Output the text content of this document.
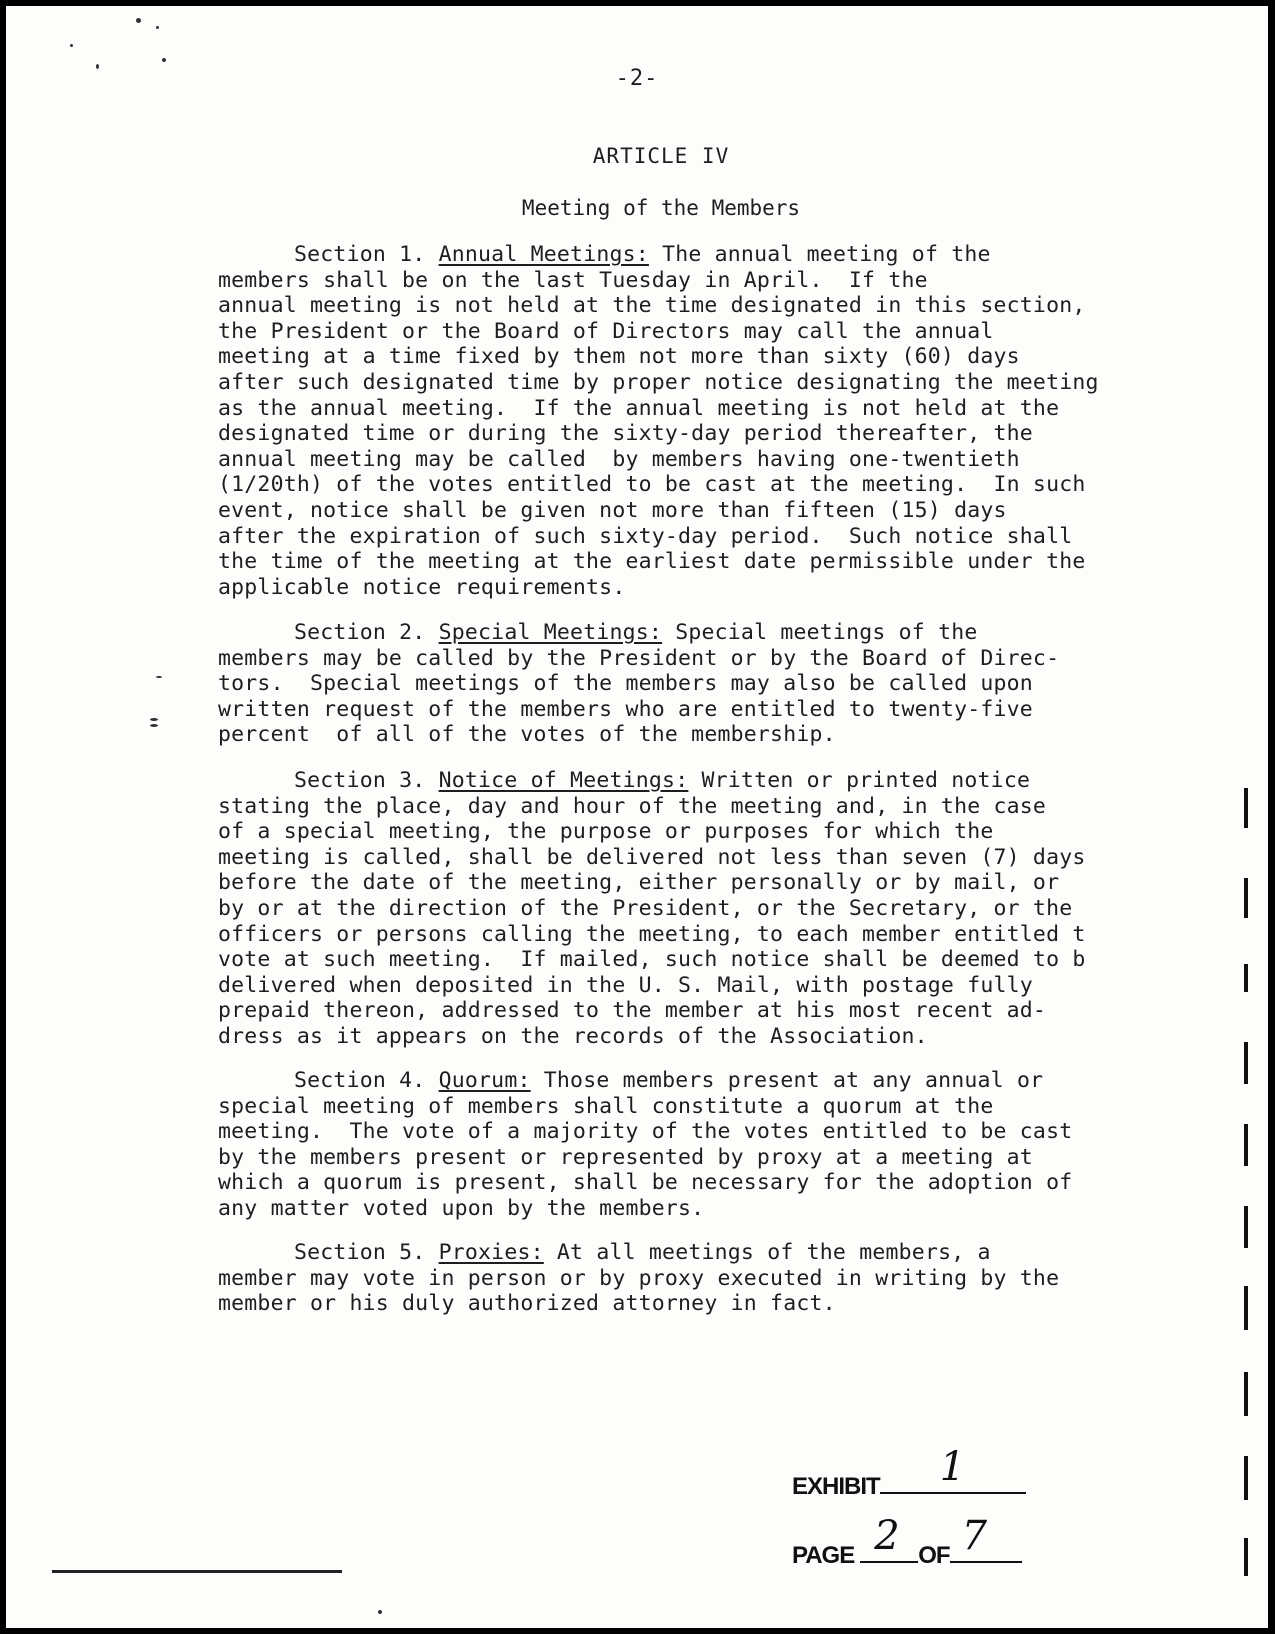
-2-
ARTICLE IV
Meeting of the Members
Section 1. Annual Meetings: The annual meeting of the
members shall be on the last Tuesday in April.  If the
annual meeting is not held at the time designated in this section,
the President or the Board of Directors may call the annual
meeting at a time fixed by them not more than sixty (60) days
after such designated time by proper notice designating the meeting
as the annual meeting.  If the annual meeting is not held at the
designated time or during the sixty-day period thereafter, the
annual meeting may be called  by members having one-twentieth
(1/20th) of the votes entitled to be cast at the meeting.  In such
event, notice shall be given not more than fifteen (15) days
after the expiration of such sixty-day period.  Such notice shall
the time of the meeting at the earliest date permissible under the
applicable notice requirements.
Section 2. Special Meetings: Special meetings of the
members may be called by the President or by the Board of Direc-
tors.  Special meetings of the members may also be called upon
written request of the members who are entitled to twenty-five
percent  of all of the votes of the membership.
Section 3. Notice of Meetings: Written or printed notice
stating the place, day and hour of the meeting and, in the case
of a special meeting, the purpose or purposes for which the
meeting is called, shall be delivered not less than seven (7) days
before the date of the meeting, either personally or by mail, or
by or at the direction of the President, or the Secretary, or the
officers or persons calling the meeting, to each member entitled t
vote at such meeting.  If mailed, such notice shall be deemed to b
delivered when deposited in the U. S. Mail, with postage fully
prepaid thereon, addressed to the member at his most recent ad-
dress as it appears on the records of the Association.
Section 4. Quorum: Those members present at any annual or
special meeting of members shall constitute a quorum at the
meeting.  The vote of a majority of the votes entitled to be cast
by the members present or represented by proxy at a meeting at
which a quorum is present, shall be necessary for the adoption of
any matter voted upon by the members.
Section 5. Proxies: At all meetings of the members, a
member may vote in person or by proxy executed in writing by the
member or his duly authorized attorney in fact.
EXHIBIT 1
PAGE 2 OF 7
